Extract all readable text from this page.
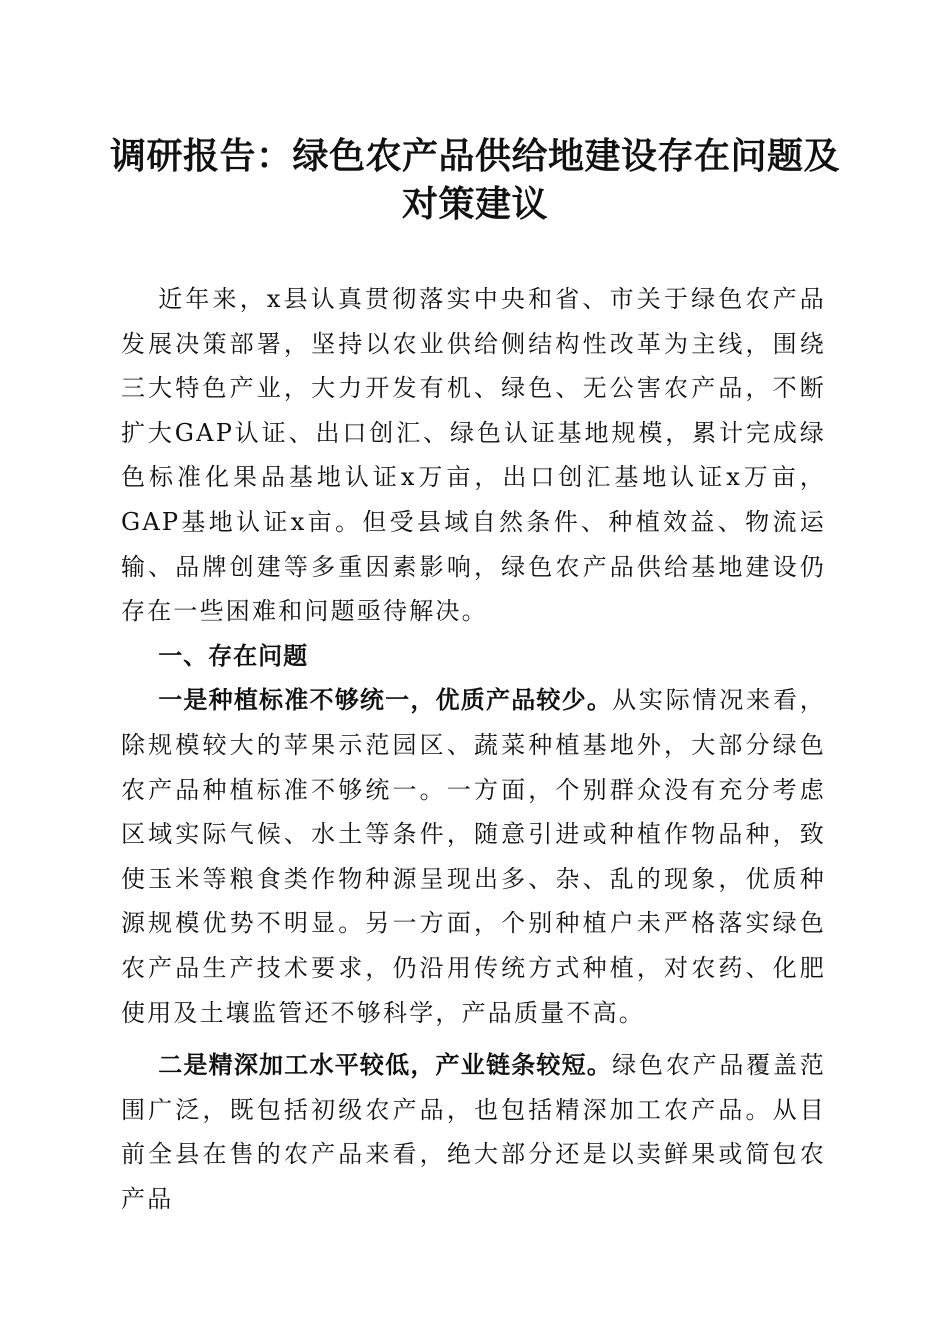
调研报告：绿色农产品供给地建设存在问题及
对策建议

近年来，x县认真贯彻落实中央和省、市关于绿色农产品发展决策部署，坚持以农业供给侧结构性改革为主线，围绕三大特色产业，大力开发有机、绿色、无公害农产品，不断扩大GAP认证、出口创汇、绿色认证基地规模，累计完成绿色标准化果品基地认证x万亩，出口创汇基地认证x万亩，GAP基地认证x亩。但受县域自然条件、种植效益、物流运输、品牌创建等多重因素影响，绿色农产品供给基地建设仍存在一些困难和问题亟待解决。

一、存在问题

一是种植标准不够统一，优质产品较少。从实际情况来看，除规模较大的苹果示范园区、蔬菜种植基地外，大部分绿色农产品种植标准不够统一。一方面，个别群众没有充分考虑区域实际气候、水土等条件，随意引进或种植作物品种，致使玉米等粮食类作物种源呈现出多、杂、乱的现象，优质种源规模优势不明显。另一方面，个别种植户未严格落实绿色农产品生产技术要求，仍沿用传统方式种植，对农药、化肥使用及土壤监管还不够科学，产品质量不高。

二是精深加工水平较低，产业链条较短。绿色农产品覆盖范围广泛，既包括初级农产品，也包括精深加工农产品。从目前全县在售的农产品来看，绝大部分还是以卖鲜果或简包农产品
